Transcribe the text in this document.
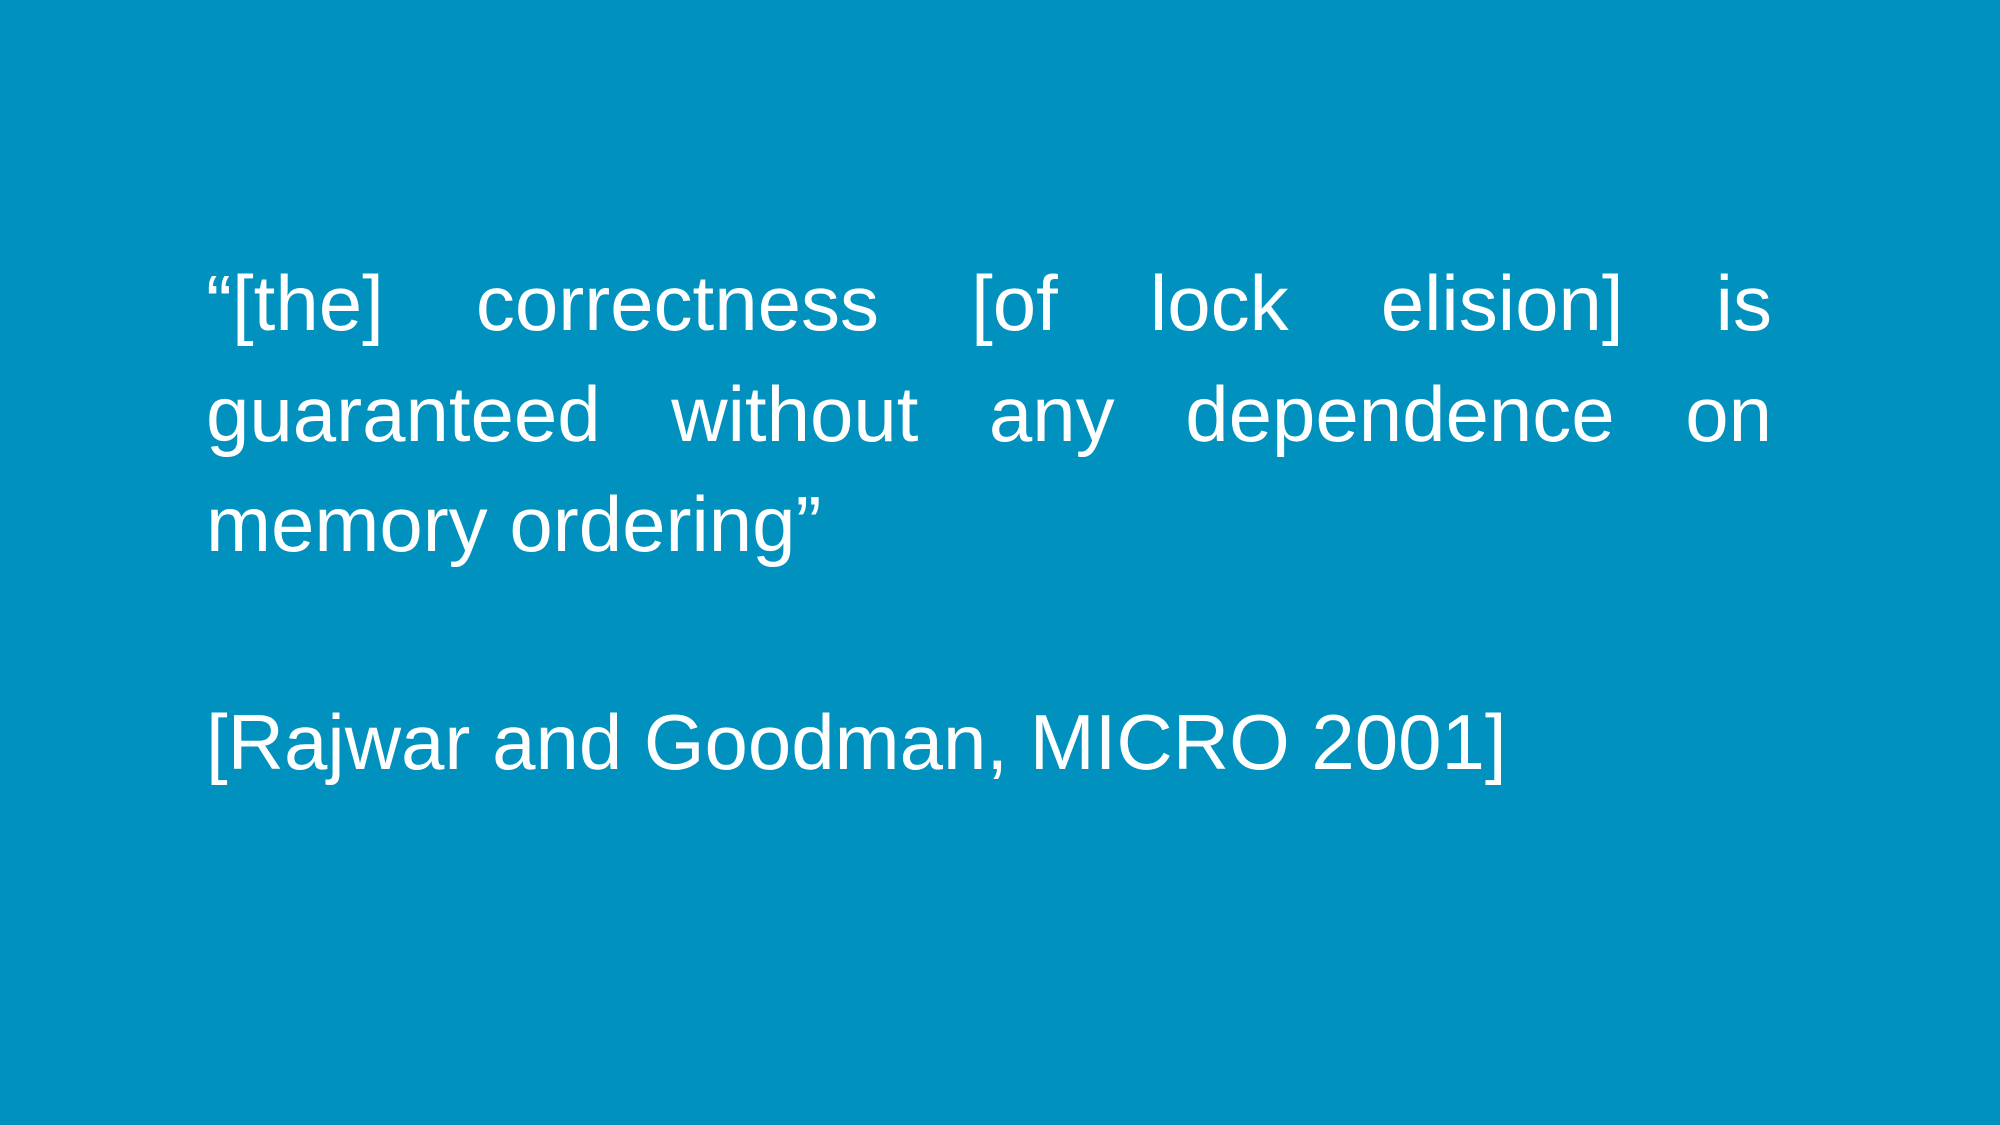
“[the] correctness [of lock elision] is
guaranteed without any dependence on
memory ordering”
[Rajwar and Goodman, MICRO 2001]
